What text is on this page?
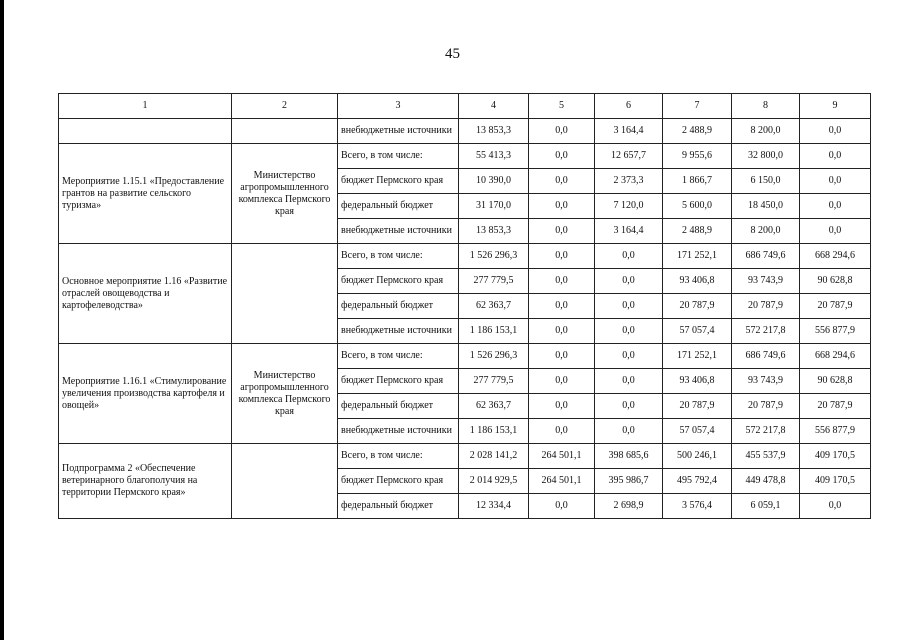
45
1	2	3	4	5	6	7	8	9
		внебюджетные источники	13 853,3	0,0	3 164,4	2 488,9	8 200,0	0,0
Мероприятие 1.15.1 «Предоставление грантов на развитие сельского туризма»	Министерство агропромышленного комплекса Пермского края	Всего, в том числе:	55 413,3	0,0	12 657,7	9 955,6	32 800,0	0,0
		бюджет Пермского края	10 390,0	0,0	2 373,3	1 866,7	6 150,0	0,0
		федеральный бюджет	31 170,0	0,0	7 120,0	5 600,0	18 450,0	0,0
		внебюджетные источники	13 853,3	0,0	3 164,4	2 488,9	8 200,0	0,0
Основное мероприятие 1.16 «Развитие отраслей овощеводства и картофелеводства»		Всего, в том числе:	1 526 296,3	0,0	0,0	171 252,1	686 749,6	668 294,6
		бюджет Пермского края	277 779,5	0,0	0,0	93 406,8	93 743,9	90 628,8
		федеральный бюджет	62 363,7	0,0	0,0	20 787,9	20 787,9	20 787,9
		внебюджетные источники	1 186 153,1	0,0	0,0	57 057,4	572 217,8	556 877,9
Мероприятие 1.16.1 «Стимулирование увеличения производства картофеля и овощей»	Министерство агропромышленного комплекса Пермского края	Всего, в том числе:	1 526 296,3	0,0	0,0	171 252,1	686 749,6	668 294,6
		бюджет Пермского края	277 779,5	0,0	0,0	93 406,8	93 743,9	90 628,8
		федеральный бюджет	62 363,7	0,0	0,0	20 787,9	20 787,9	20 787,9
		внебюджетные источники	1 186 153,1	0,0	0,0	57 057,4	572 217,8	556 877,9
Подпрограмма 2 «Обеспечение ветеринарного благополучия на территории Пермского края»		Всего, в том числе:	2 028 141,2	264 501,1	398 685,6	500 246,1	455 537,9	409 170,5
		бюджет Пермского края	2 014 929,5	264 501,1	395 986,7	495 792,4	449 478,8	409 170,5
		федеральный бюджет	12 334,4	0,0	2 698,9	3 576,4	6 059,1	0,0
